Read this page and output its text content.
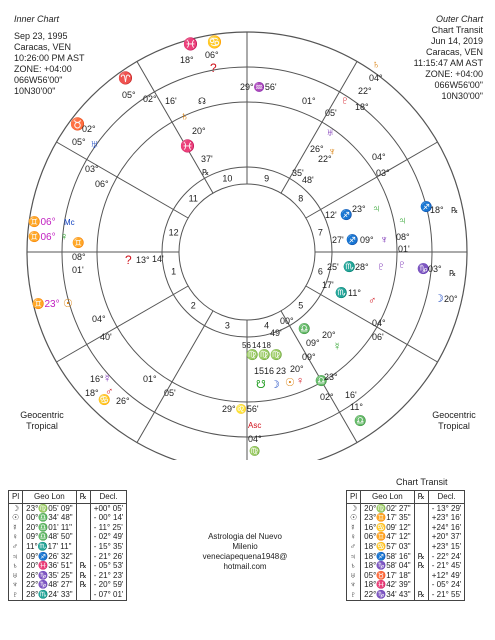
Inner Chart
Sep 23, 1995
Caracas, VEN
10:26:00 PM AST
ZONE: +04:00
066W56'00"
10N30'00"
Outer Chart
Chart Transit
Jun 14, 2019
Caracas, VEN
11:15:47 AM AST
ZONE: +04:00
066W56'00"
10N30'00"
Geocentric
Tropical
Geocentric
Tropical
1
2
3	4
5
6
7
8
9
10
11
12
29°♒56'
29°♌56'
Asc
04°
♍
♓ ♋
18° 06°
?
♈
05°
♉
02°
05° ♅
03°
06°
♊06°
♊06° ♀
Mc
♊
08°
01'
? 13° 14'
♊23° ☉
04°
40'
16°
18°
☿
♂
♋ 26°
01°
05'
♄
20°
♓
37'
℞
02° 16' ☊	01°
05'
♇ 18°
22°
04°
♄
♅
26° ♆
22°
35'
48'
04°
03°
♃
12' ♐
23°
27' ♐ 09° ♆
♐
18° ℞
♃
08°
01'
♇ ♑
03° ℞
☽ 20°
25' ♏ 28° ♇
17'
♏ 11°
♂
04°
06'
00°
49' ♎ 20°
09° ☿
09°
20°
♀ ♎
23°
02° 16'
11°
♎
56 14 18
♍ ♍ ♍
15 16 23
☋ ☽ ☉
Pl	Geo Lon	℞	Decl.
☽	23°♍05' 09"		+00° 05'
☉	00°♎34' 48"		- 00° 14'
☿	20°♎01' 11"		- 11° 25'
♀	09°♎48' 50"		- 02° 49'
♂	11°♏17' 11"		- 15° 35'
♃	09°♐26' 32"		- 21° 26'
♄	20°♓36' 51"	℞	- 05° 53'
♅	26°♑35' 25"	℞	- 21° 23'
♆	22°♑48' 27"	℞	- 20° 59'
♇	28°♏24' 33"		- 07° 01'
Astrologia del Nuevo
Milenio
veneciapequena1948@
hotmail.com
Chart Transit
Pl	Geo Lon	℞	Decl.
☽	20°♍02' 27"		- 13° 29'
☉	23°♊17' 35"		+23° 16'
☿	16°♋09' 12"		+24° 16'
♀	06°♊47' 12"		+20° 37'
♂	18°♋57' 03"		+23° 15'
♃	18°♐58' 16"	℞	- 22° 24'
♄	18°♑58' 04"	℞	- 21° 45'
♅	05°♉17' 18"		+12° 49'
♆	18°♓42' 39"		- 05° 24'
♇	22°♑34' 43"	℞	- 21° 55'
